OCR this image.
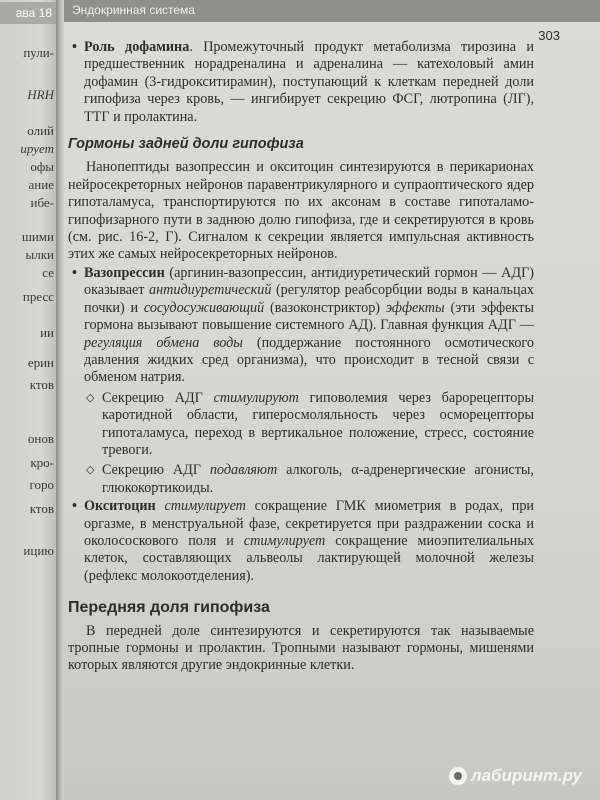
ава 18
пули-
HRH
олий
ирует
офы
ание
ибе-
шими
ылки
се
пресс
ии
ерин
ктов
онов
кро-
горо
ктов
ицию
Эндокринная система
303

• Роль дофамина. Промежуточный продукт метаболизма тирозина и предшественник норадреналина и адреналина — катехоловый амин дофамин (3-гидрокситирамин), поступающий к клеткам передней доли гипофиза через кровь, — ингибирует секрецию ФСГ, лютропина (ЛГ), ТТГ и пролактина.

Гормоны задней доли гипофиза

Нанопептиды вазопрессин и окситоцин синтезируются в перикарионах нейросекреторных нейронов паравентрикулярного и супраоптического ядер гипоталамуса, транспортируются по их аксонам в составе гипоталамо-гипофизарного пути в заднюю долю гипофиза, где и секретируются в кровь (см. рис. 16-2, Г). Сигналом к секреции является импульсная активность этих же самых нейросекреторных нейронов.

• Вазопрессин (аргинин-вазопрессин, антидиуретический гормон — АДГ) оказывает антидиуретический (регулятор реабсорбции воды в канальцах почки) и сосудосуживающий (вазоконстриктор) эффекты (эти эффекты гормона вызывают повышение системного АД). Главная функция АДГ — регуляция обмена воды (поддержание постоянного осмотического давления жидких сред организма), что происходит в тесной связи с обменом натрия.

◇ Секрецию АДГ стимулируют гиповолемия через барорецепторы каротидной области, гиперосмоляльность через осморецепторы гипоталамуса, переход в вертикальное положение, стресс, состояние тревоги.

◇ Секрецию АДГ подавляют алкоголь, α-адренергические агонисты, глюкокортикоиды.

• Окситоцин стимулирует сокращение ГМК миометрия в родах, при оргазме, в менструальной фазе, секретируется при раздражении соска и околососкового поля и стимулирует сокращение миоэпителиальных клеток, составляющих альвеолы лактирующей молочной железы (рефлекс молокоотделения).

Передняя доля гипофиза

В передней доле синтезируются и секретируются так называемые тропные гормоны и пролактин. Тропными называют гормоны, мишенями которых являются другие эндокринные клетки.

лабиринт.ру
